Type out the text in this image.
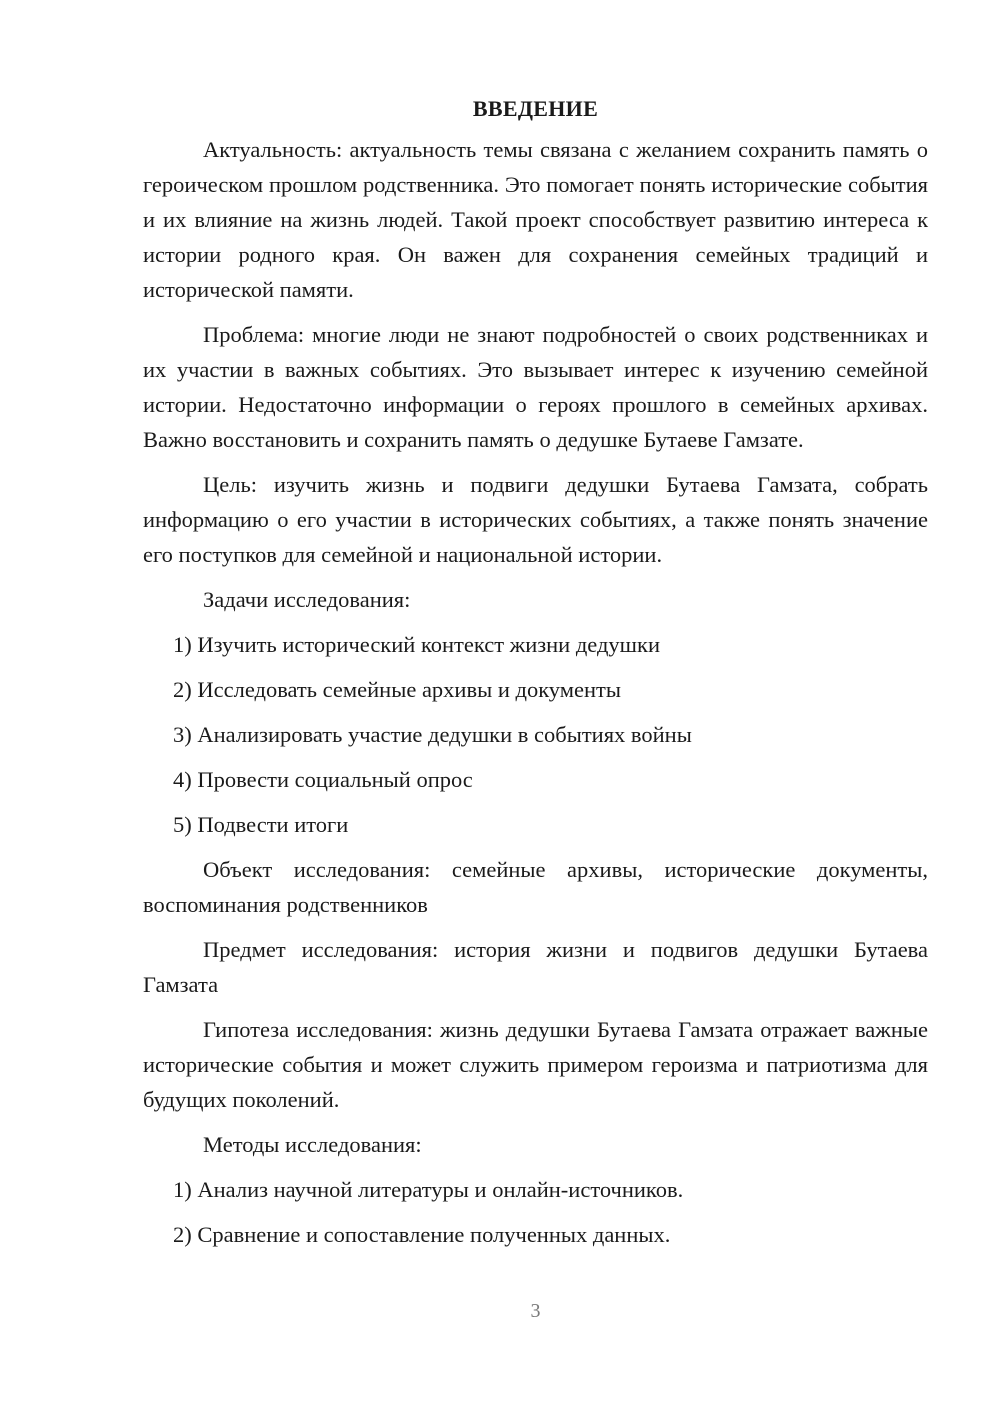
ВВЕДЕНИЕ

Актуальность: актуальность темы связана с желанием сохранить память о героическом прошлом родственника. Это помогает понять исторические события и их влияние на жизнь людей. Такой проект способствует развитию интереса к истории родного края. Он важен для сохранения семейных традиций и исторической памяти.

Проблема: многие люди не знают подробностей о своих родственниках и их участии в важных событиях. Это вызывает интерес к изучению семейной истории. Недостаточно информации о героях прошлого в семейных архивах. Важно восстановить и сохранить память о дедушке Бутаеве Гамзате.

Цель: изучить жизнь и подвиги дедушки Бутаева Гамзата, собрать информацию о его участии в исторических событиях, а также понять значение его поступков для семейной и национальной истории.

Задачи исследования:

1) Изучить исторический контекст жизни дедушки

2) Исследовать семейные архивы и документы

3) Анализировать участие дедушки в событиях войны

4) Провести социальный опрос

5) Подвести итоги

Объект исследования: семейные архивы, исторические документы, воспоминания родственников

Предмет исследования: история жизни и подвигов дедушки Бутаева Гамзата

Гипотеза исследования: жизнь дедушки Бутаева Гамзата отражает важные исторические события и может служить примером героизма и патриотизма для будущих поколений.

Методы исследования:

1) Анализ научной литературы и онлайн-источников.

2) Сравнение и сопоставление полученных данных.

3
